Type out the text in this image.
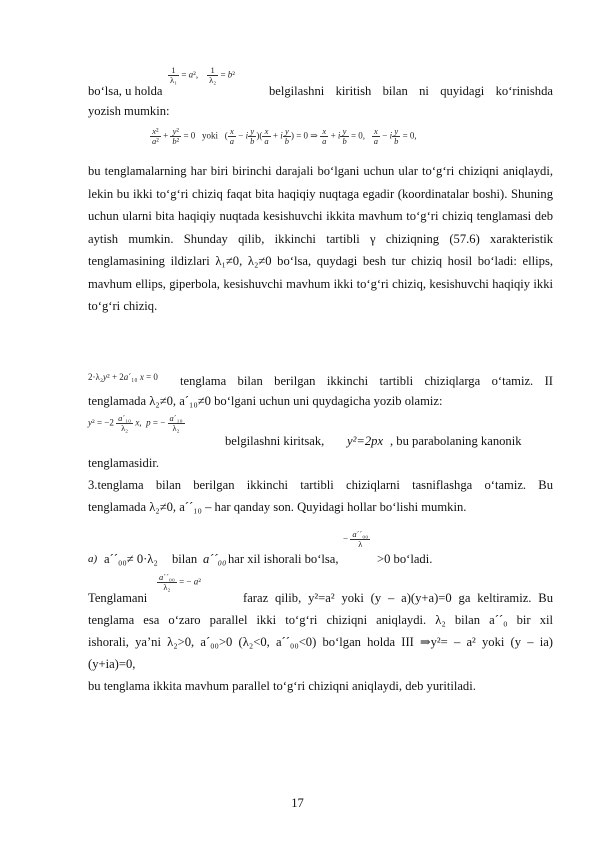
bo‘lsa, u holda
$\frac{1}{\text{λ₁}} = a^2$, $\frac{1}{\text{λ₂}} = b^2$
belgilashni kiritish bilan ni quyidagi ko‘rinishda
yozish mumkin:
$\frac{\text{x²}}{\text{a²}} + \frac{\text{y²}}{\text{b²}} = 0$   yoki   ( $\frac{x}{a} - i \frac{y}{b}$ )( $\frac{x}{a} + i \frac{y}{b}$ ) = 0 ⇒ $\frac{x}{a} + i \frac{y}{b} = 0$, $\frac{x}{a} - i \frac{y}{b} = 0$,
bu tenglamalarning har biri birinchi darajali bo‘lgani uchun ular to‘g‘ri chiziqni aniqlaydi, lekin bu ikki to‘g‘ri chiziq faqat bita haqiqiy nuqtaga egadir (koordinatalar boshi). Shuning uchun ularni bita haqiqiy nuqtada kesishuvchi ikkita mavhum to‘g‘ri chiziq tenglamasi deb aytish mumkin. Shunday qilib, ikkinchi tartibli γ chiziqning (57.6) xarakteristik tenglamasining ildizlari λ₁≠0, λ₂≠0 bo‘lsa, quydagi besh tur chiziq hosil bo‘ladi: ellips, mavhum ellips, giperbola, kesishuvchi mavhum ikki to‘g‘ri chiziq, kesishuvchi haqiqiy ikki to‘g‘ri chiziq.
2·λ₂y² + 2a´₁₀ x = 0 tenglama bilan berilgan ikkinchi tartibli chiziqlarga o‘tamiz. II
tenglamada λ₂≠0, a´₁₀≠0 bo‘lgani uchun uni quydagicha yozib olamiz:
$y^2 = -2 \frac{\text{a´₁₀}}{\text{λ₂}} x$,  p = − $\frac{\text{a´₁₀}}{\text{λ₂}}$
belgilashni kiritsak, y²=2px , bu parabolaning kanonik
tenglamasidir.
3.tenglama bilan berilgan ikkinchi tartibli chiziqlarni tasniflashga o‘tamiz. Bu
tenglamada λ₂≠0, a´´₁₀ – har qanday son. Quyidagi hollar bo‘lishi mumkin.
a) a´´₀₀≠ 0·λ₂ bilan a´´₀₀ har xil ishorali bo‘lsa,
− $\frac{\text{a´´₀₀}}{\lambda}$
>0 bo‘ladi.
Tenglamani
$\frac{\text{a´´₀₀}}{\text{λ₂}}$ = − a²
faraz qilib, y²=a² yoki (y – a)(y+a)=0 ga keltiramiz. Bu
tenglama esa o‘zaro parallel ikki to‘g‘ri chiziqni aniqlaydi. λ₂ bilan a´´₀ bir xil
ishorali, ya’ni λ₂>0, a´₀₀>0 (λ₂<0, a´´₀₀<0) bo‘lgan holda III ⇒y²= – a² yoki (y – ia)
(y+ia)=0,
bu tenglama ikkita mavhum parallel to‘g‘ri chiziqni aniqlaydi, deb yuritiladi.
17
